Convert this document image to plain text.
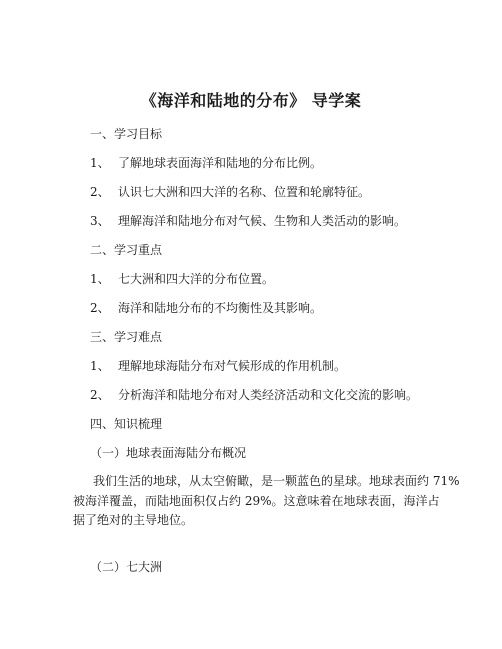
《海洋和陆地的分布》 导学案
一、学习目标
1、 了解地球表面海洋和陆地的分布比例。
2、 认识七大洲和四大洋的名称、位置和轮廓特征。
3、 理解海洋和陆地分布对气候、生物和人类活动的影响。
二、学习重点
1、 七大洲和四大洋的分布位置。
2、 海洋和陆地分布的不均衡性及其影响。
三、学习难点
1、 理解地球海陆分布对气候形成的作用机制。
2、 分析海洋和陆地分布对人类经济活动和文化交流的影响。
四、知识梳理
（一）地球表面海陆分布概况
我们生活的地球，从太空俯瞰，是一颗蓝色的星球。地球表面约 71%
被海洋覆盖，而陆地面积仅占约 29%。这意味着在地球表面，海洋占
据了绝对的主导地位。
（二）七大洲
